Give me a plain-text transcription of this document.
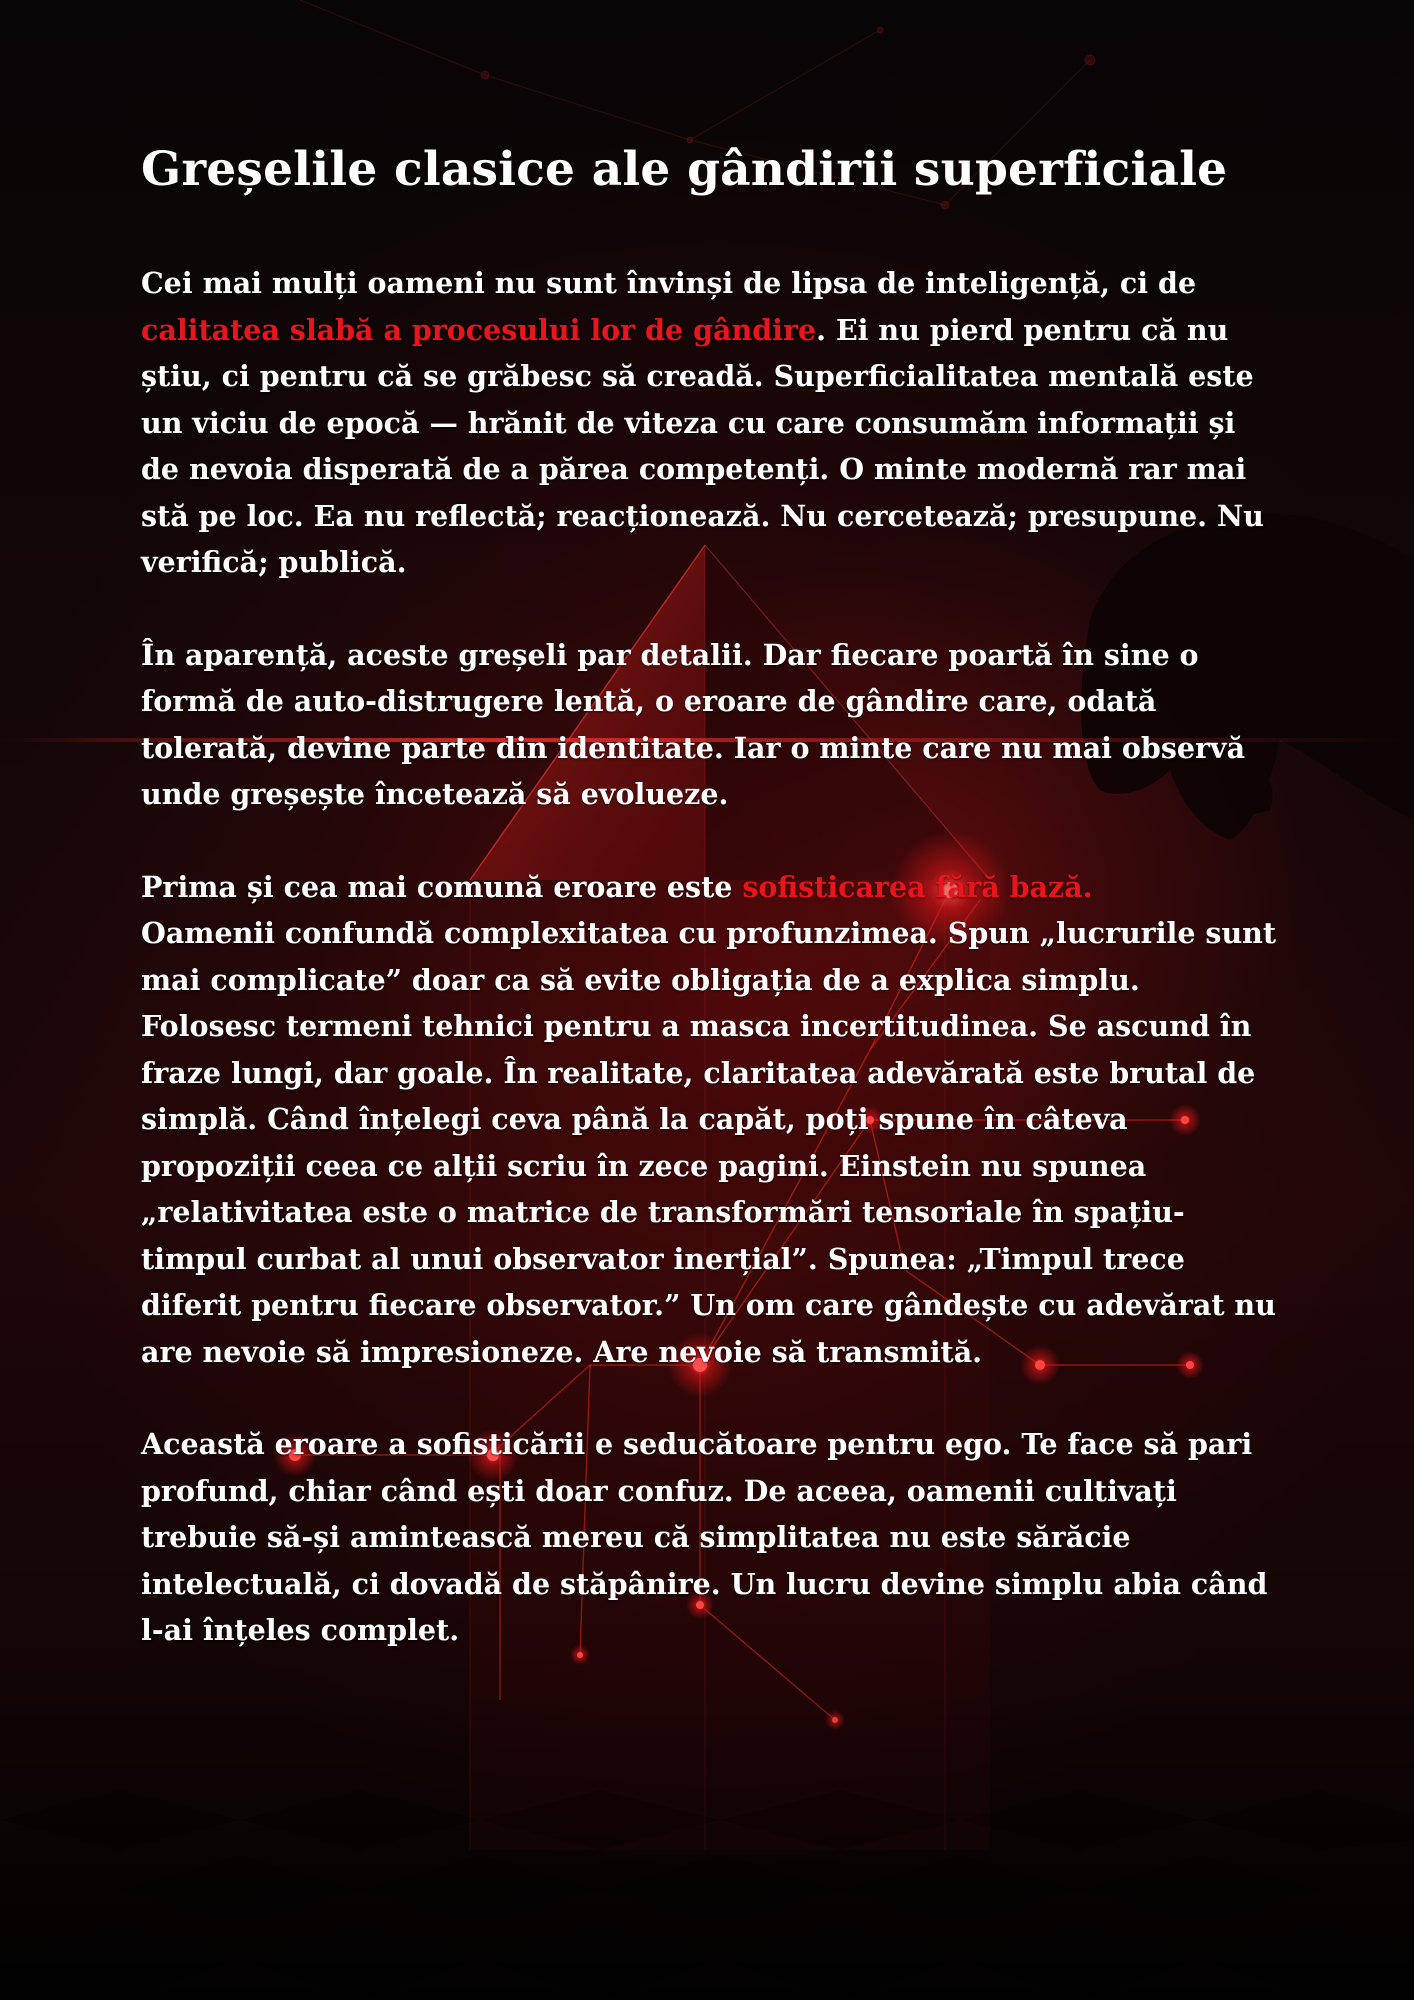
Greșelile clasice ale gândirii superficiale

Cei mai mulți oameni nu sunt învinși de lipsa de inteligență, ci de calitatea slabă a procesului lor de gândire. Ei nu pierd pentru că nu știu, ci pentru că se grăbesc să creadă. Superficialitatea mentală este un viciu de epocă — hrănit de viteza cu care consumăm informații și de nevoia disperată de a părea competenți. O minte modernă rar mai stă pe loc. Ea nu reflectă; reacționează. Nu cercetează; presupune. Nu verifică; publică.

În aparență, aceste greșeli par detalii. Dar fiecare poartă în sine o formă de auto-distrugere lentă, o eroare de gândire care, odată tolerată, devine parte din identitate. Iar o minte care nu mai observă unde greșește încetează să evolueze.

Prima și cea mai comună eroare este sofisticarea fără bază.
Oamenii confundă complexitatea cu profunzimea. Spun „lucrurile sunt mai complicate” doar ca să evite obligația de a explica simplu. Folosesc termeni tehnici pentru a masca incertitudinea. Se ascund în fraze lungi, dar goale. În realitate, claritatea adevărată este brutal de simplă. Când înțelegi ceva până la capăt, poți spune în câteva propoziții ceea ce alții scriu în zece pagini. Einstein nu spunea „relativitatea este o matrice de transformări tensoriale în spațiu-timpul curbat al unui observator inerțial”. Spunea: „Timpul trece diferit pentru fiecare observator.” Un om care gândește cu adevărat nu are nevoie să impresioneze. Are nevoie să transmită.

Această eroare a sofisticării e seducătoare pentru ego. Te face să pari profund, chiar când ești doar confuz. De aceea, oamenii cultivați trebuie să-și amintească mereu că simplitatea nu este sărăcie intelectuală, ci dovadă de stăpânire. Un lucru devine simplu abia când l-ai înțeles complet.
